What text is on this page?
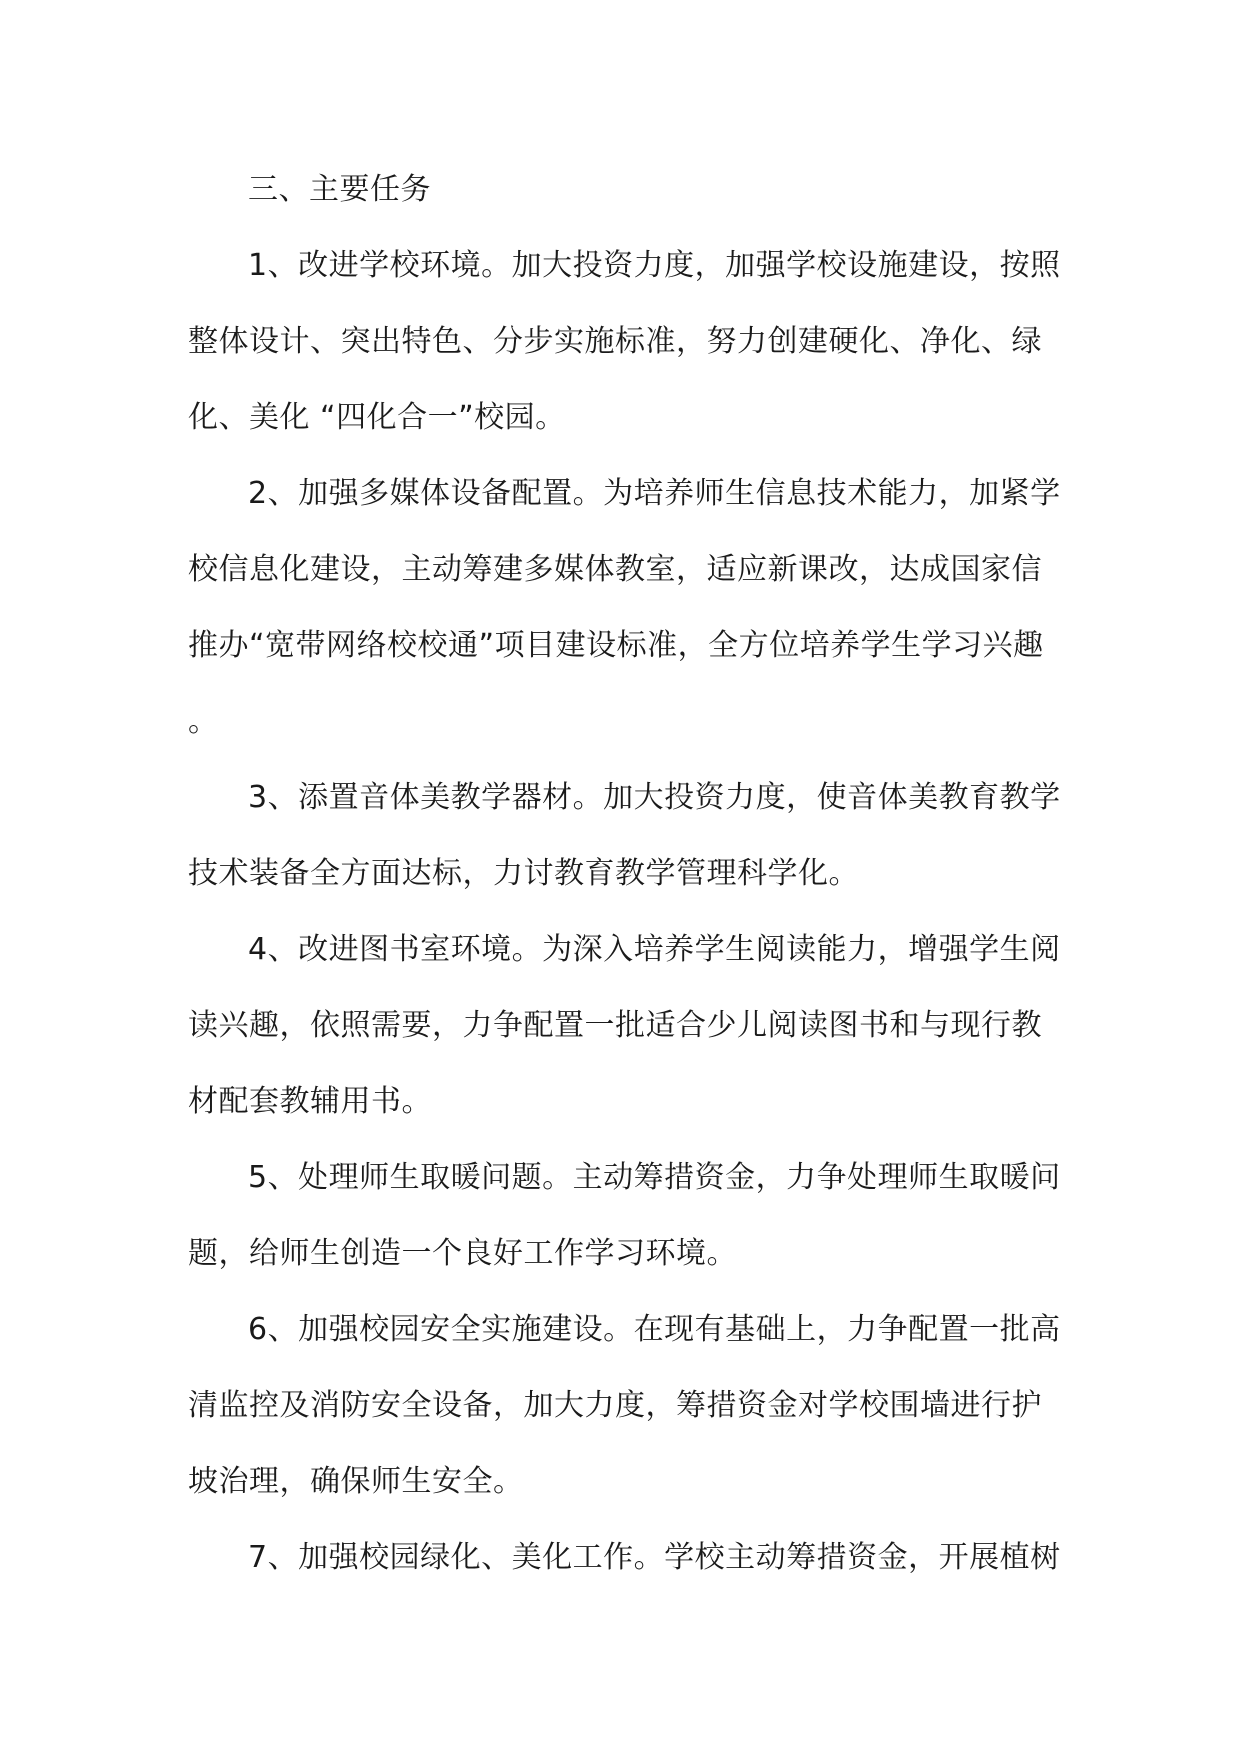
三、主要任务
1、改进学校环境。加大投资力度，加强学校设施建设，按照
整体设计、突出特色、分步实施标准，努力创建硬化、净化、绿
化、美化 “四化合一”校园。
2、加强多媒体设备配置。为培养师生信息技术能力，加紧学
校信息化建设，主动筹建多媒体教室，适应新课改，达成国家信
推办“宽带网络校校通”项目建设标准，全方位培养学生学习兴趣
。
3、添置音体美教学器材。加大投资力度，使音体美教育教学
技术装备全方面达标，力讨教育教学管理科学化。
4、改进图书室环境。为深入培养学生阅读能力，增强学生阅
读兴趣，依照需要，力争配置一批适合少儿阅读图书和与现行教
材配套教辅用书。
5、处理师生取暖问题。主动筹措资金，力争处理师生取暖问
题，给师生创造一个良好工作学习环境。
6、加强校园安全实施建设。在现有基础上，力争配置一批高
清监控及消防安全设备，加大力度，筹措资金对学校围墙进行护
坡治理，确保师生安全。
7、加强校园绿化、美化工作。学校主动筹措资金，开展植树
